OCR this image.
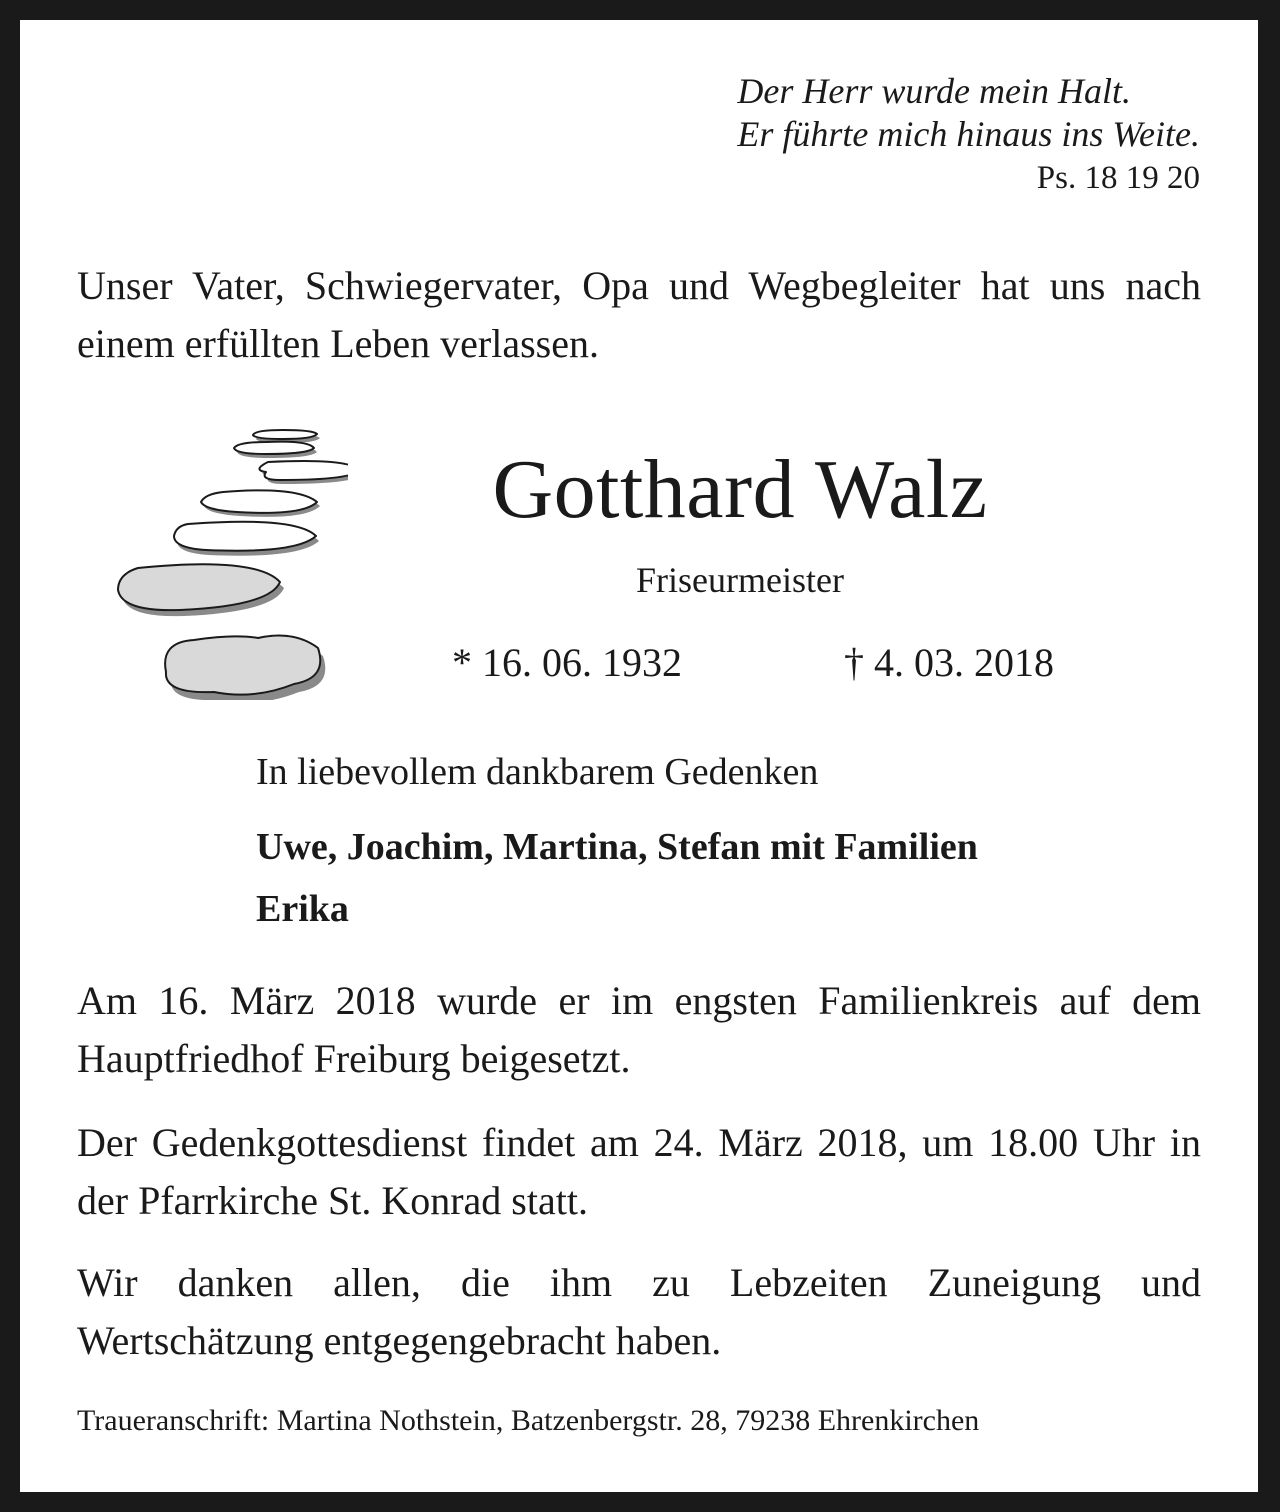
Der Herr wurde mein Halt.
Er führte mich hinaus ins Weite.
Ps. 18 19 20
Unser Vater, Schwiegervater, Opa und Wegbegleiter hat uns nach einem erfüllten Leben verlassen.
Gotthard Walz
Friseurmeister
* 16. 06. 1932	† 4. 03. 2018
In liebevollem dankbarem Gedenken
Uwe, Joachim, Martina, Stefan mit Familien
Erika
Am 16. März 2018 wurde er im engsten Familienkreis auf dem Hauptfriedhof Freiburg beigesetzt.
Der Gedenkgottesdienst findet am 24. März 2018, um 18.00 Uhr in der Pfarrkirche St. Konrad statt.
Wir danken allen, die ihm zu Lebzeiten Zuneigung und Wertschätzung entgegengebracht haben.
Traueranschrift: Martina Nothstein, Batzenbergstr. 28, 79238 Ehrenkirchen
